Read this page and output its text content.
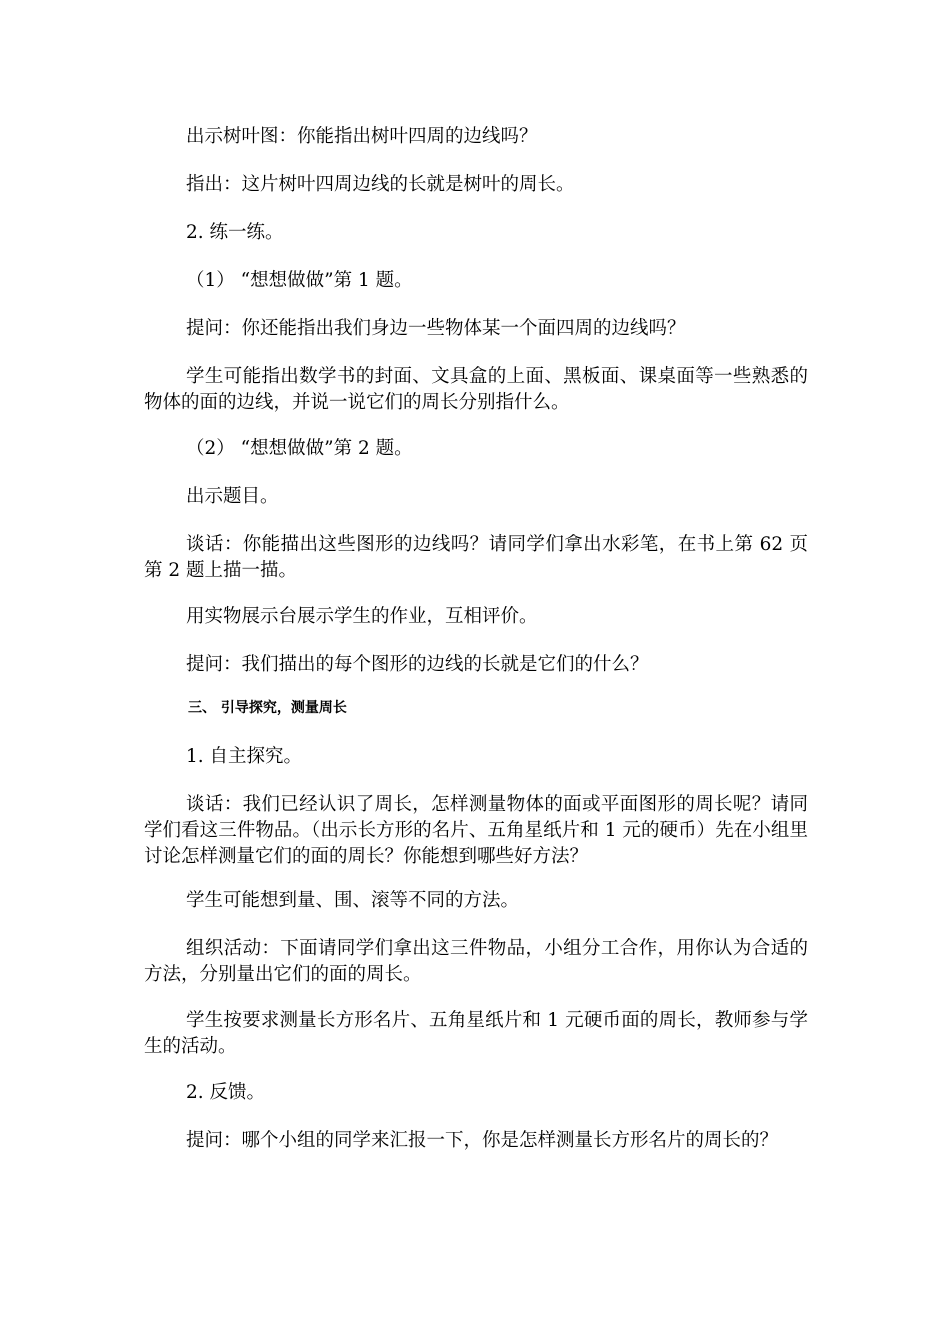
出示树叶图：你能指出树叶四周的边线吗？
指出：这片树叶四周边线的长就是树叶的周长。
2. 练一练。
（1） “想想做做”第 1 题。
提问：你还能指出我们身边一些物体某一个面四周的边线吗？
学生可能指出数学书的封面、文具盒的上面、黑板面、课桌面等一些熟悉的物体的面的边线，并说一说它们的周长分别指什么。
（2） “想想做做”第 2 题。
出示题目。
谈话：你能描出这些图形的边线吗？请同学们拿出水彩笔，在书上第 62 页第 2 题上描一描。
用实物展示台展示学生的作业，互相评价。
提问：我们描出的每个图形的边线的长就是它们的什么？
三、 引导探究，测量周长
1. 自主探究。
谈话：我们已经认识了周长，怎样测量物体的面或平面图形的周长呢？请同学们看这三件物品。（出示长方形的名片、五角星纸片和 1 元的硬币）先在小组里讨论怎样测量它们的面的周长？你能想到哪些好方法？
学生可能想到量、围、滚等不同的方法。
组织活动：下面请同学们拿出这三件物品，小组分工合作，用你认为合适的方法，分别量出它们的面的周长。
学生按要求测量长方形名片、五角星纸片和 1 元硬币面的周长，教师参与学生的活动。
2. 反馈。
提问：哪个小组的同学来汇报一下，你是怎样测量长方形名片的周长的？
